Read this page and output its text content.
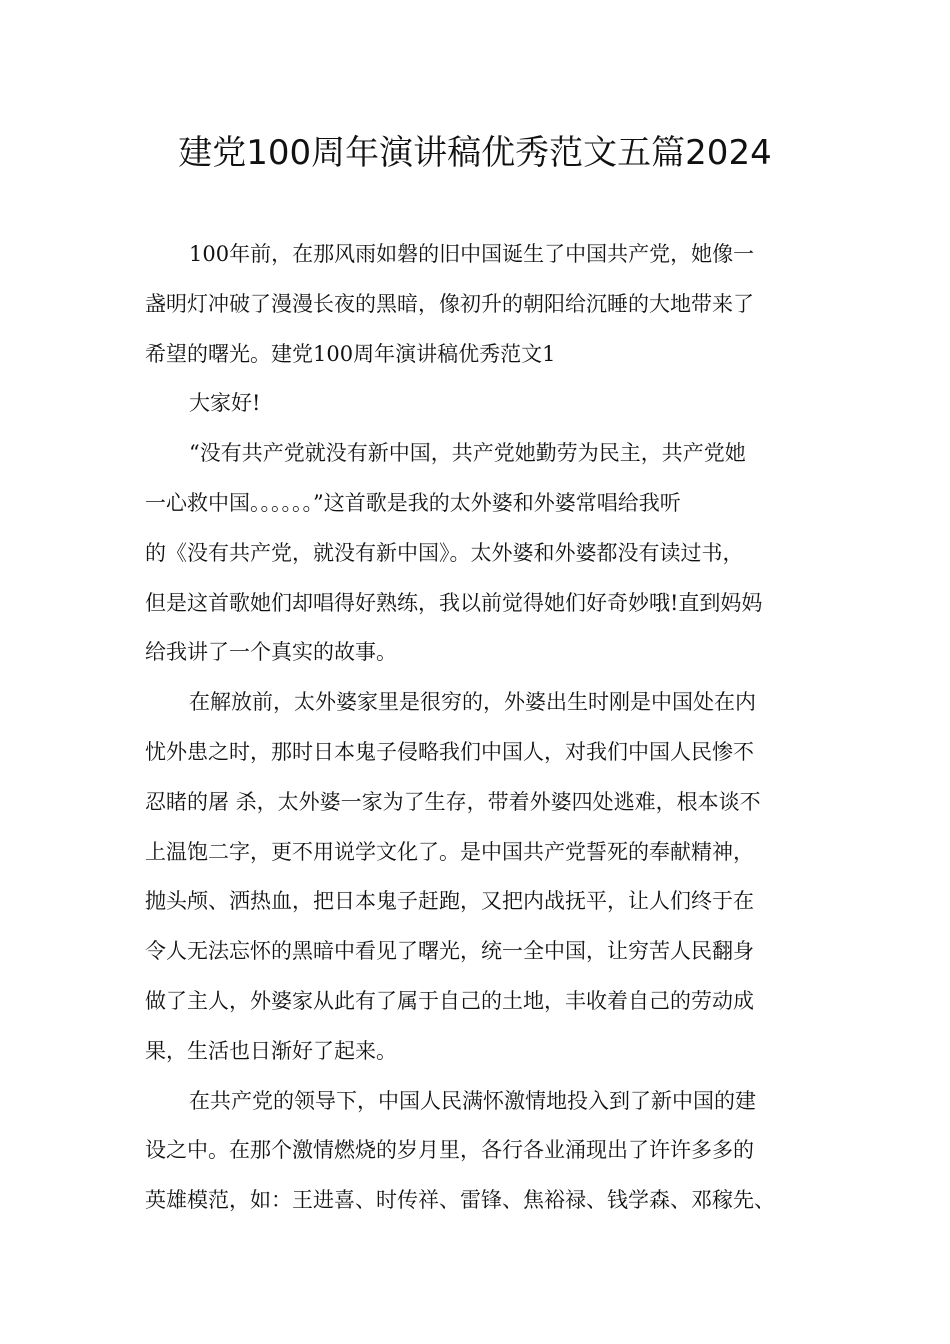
建党100周年演讲稿优秀范文五篇2024
100年前，在那风雨如磐的旧中国诞生了中国共产党，她像一
盏明灯冲破了漫漫长夜的黑暗，像初升的朝阳给沉睡的大地带来了
希望的曙光。建党100周年演讲稿优秀范文1
大家好!
“没有共产党就没有新中国，共产党她勤劳为民主，共产党她
一心救中国。。。。。。”这首歌是我的太外婆和外婆常唱给我听
的《没有共产党，就没有新中国》。太外婆和外婆都没有读过书，
但是这首歌她们却唱得好熟练，我以前觉得她们好奇妙哦!直到妈妈
给我讲了一个真实的故事。
在解放前，太外婆家里是很穷的，外婆出生时刚是中国处在内
忧外患之时，那时日本鬼子侵略我们中国人，对我们中国人民惨不
忍睹的屠 杀，太外婆一家为了生存，带着外婆四处逃难，根本谈不
上温饱二字，更不用说学文化了。是中国共产党誓死的奉献精神，
抛头颅、洒热血，把日本鬼子赶跑，又把内战抚平，让人们终于在
令人无法忘怀的黑暗中看见了曙光，统一全中国，让穷苦人民翻身
做了主人，外婆家从此有了属于自己的土地，丰收着自己的劳动成
果，生活也日渐好了起来。
在共产党的领导下，中国人民满怀激情地投入到了新中国的建
设之中。在那个激情燃烧的岁月里，各行各业涌现出了许许多多的
英雄模范，如：王进喜、时传祥、雷锋、焦裕禄、钱学森、邓稼先、
